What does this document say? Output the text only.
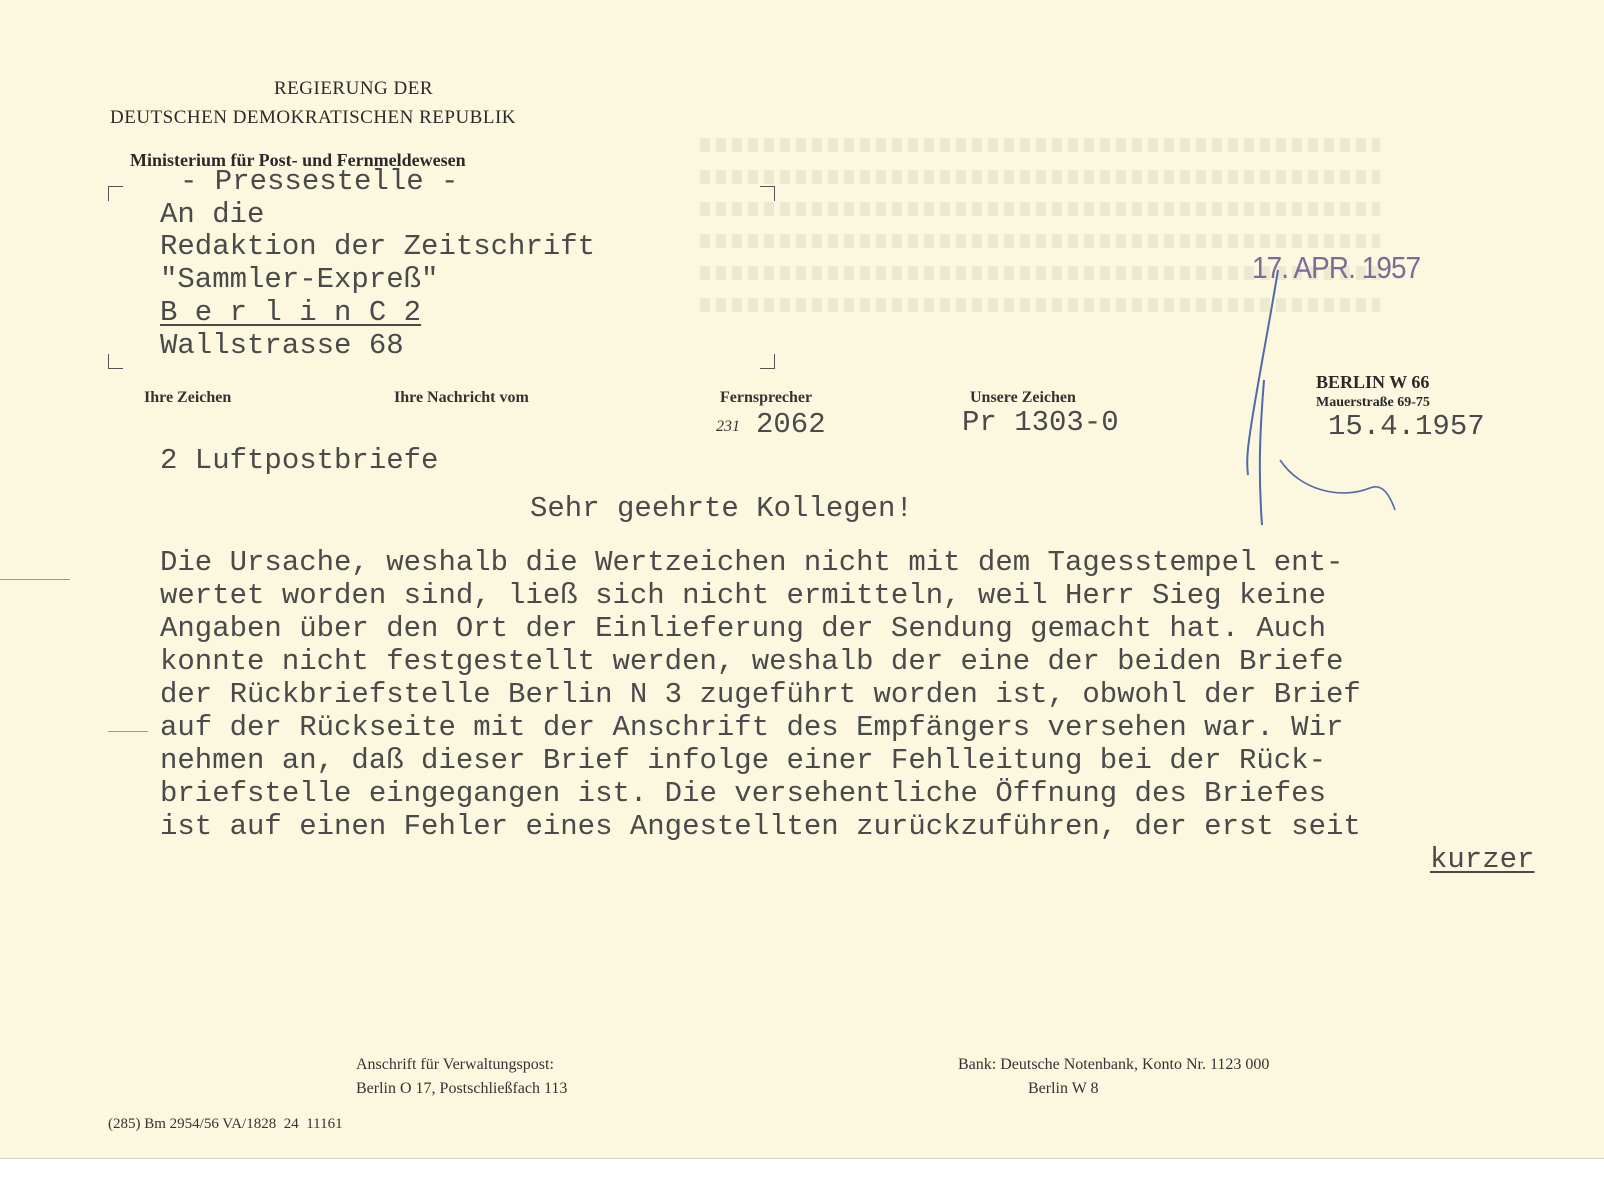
REGIERUNG DER
DEUTSCHEN DEMOKRATISCHEN REPUBLIK
Ministerium für Post- und Fernmeldewesen
- Pressestelle -
An die
Redaktion der Zeitschrift
"Sammler-Expreß"
B e r l i n C 2
Wallstrasse 68
17. APR. 1957
Ihre Zeichen	Ihre Nachricht vom	Fernsprecher
231 2062
Unsere Zeichen
Pr 1303-0
BERLIN W 66
Mauerstraße 69-75
15.4.1957
2 Luftpostbriefe
Sehr geehrte Kollegen!
Die Ursache, weshalb die Wertzeichen nicht mit dem Tagesstempel ent-
wertet worden sind, ließ sich nicht ermitteln, weil Herr Sieg keine
Angaben über den Ort der Einlieferung der Sendung gemacht hat. Auch
konnte nicht festgestellt werden, weshalb der eine der beiden Briefe
der Rückbriefstelle Berlin N 3 zugeführt worden ist, obwohl der Brief
auf der Rückseite mit der Anschrift des Empfängers versehen war. Wir
nehmen an, daß dieser Brief infolge einer Fehlleitung bei der Rück-
briefstelle eingegangen ist. Die versehentliche Öffnung des Briefes
ist auf einen Fehler eines Angestellten zurückzuführen, der erst seit
kurzer
Anschrift für Verwaltungspost:
Berlin O 17, Postschließfach 113
Bank: Deutsche Notenbank, Konto Nr. 1123 000
Berlin W 8
(285) Bm 2954/56 VA/1828  24  11161
